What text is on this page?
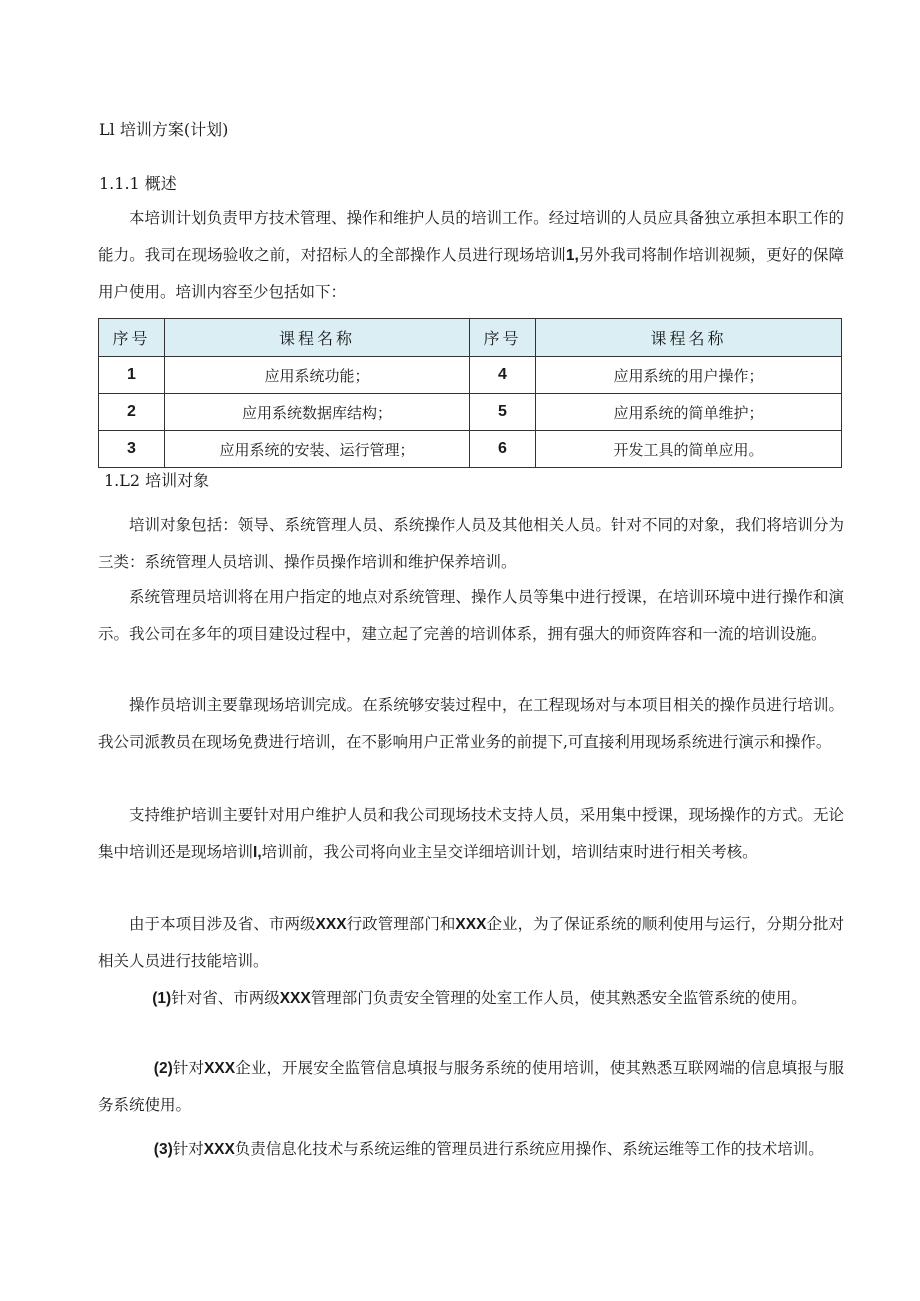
Ll 培训方案(计划)
1.1.1 概述

本培训计划负责甲方技术管理、操作和维护人员的培训工作。经过培训的人员应具备独立承担本职工作的能力。我司在现场验收之前，对招标人的全部操作人员进行现场培训1,另外我司将制作培训视频，更好的保障用户使用。培训内容至少包括如下：

序号	课程名称	序号	课程名称
1	应用系统功能；	4	应用系统的用户操作；
2	应用系统数据库结构；	5	应用系统的简单维护；
3	应用系统的安装、运行管理；	6	开发工具的简单应用。
1.L2 培训对象

培训对象包括：领导、系统管理人员、系统操作人员及其他相关人员。针对不同的对象，我们将培训分为三类：系统管理人员培训、操作员操作培训和维护保养培训。

系统管理员培训将在用户指定的地点对系统管理、操作人员等集中进行授课，在培训环境中进行操作和演示。我公司在多年的项目建设过程中，建立起了完善的培训体系，拥有强大的师资阵容和一流的培训设施。

操作员培训主要靠现场培训完成。在系统够安装过程中，在工程现场对与本项目相关的操作员进行培训。我公司派教员在现场免费进行培训，在不影响用户正常业务的前提下,可直接利用现场系统进行演示和操作。

支持维护培训主要针对用户维护人员和我公司现场技术支持人员，采用集中授课，现场操作的方式。无论集中培训还是现场培训I,培训前，我公司将向业主呈交详细培训计划，培训结束时进行相关考核。

由于本项目涉及省、市两级XXX行政管理部门和XXX企业，为了保证系统的顺利使用与运行，分期分批对相关人员进行技能培训。

(1)针对省、市两级XXX管理部门负责安全管理的处室工作人员，使其熟悉安全监管系统的使用。

(2)针对XXX企业，开展安全监管信息填报与服务系统的使用培训，使其熟悉互联网端的信息填报与服务系统使用。

(3)针对XXX负责信息化技术与系统运维的管理员进行系统应用操作、系统运维等工作的技术培训。
